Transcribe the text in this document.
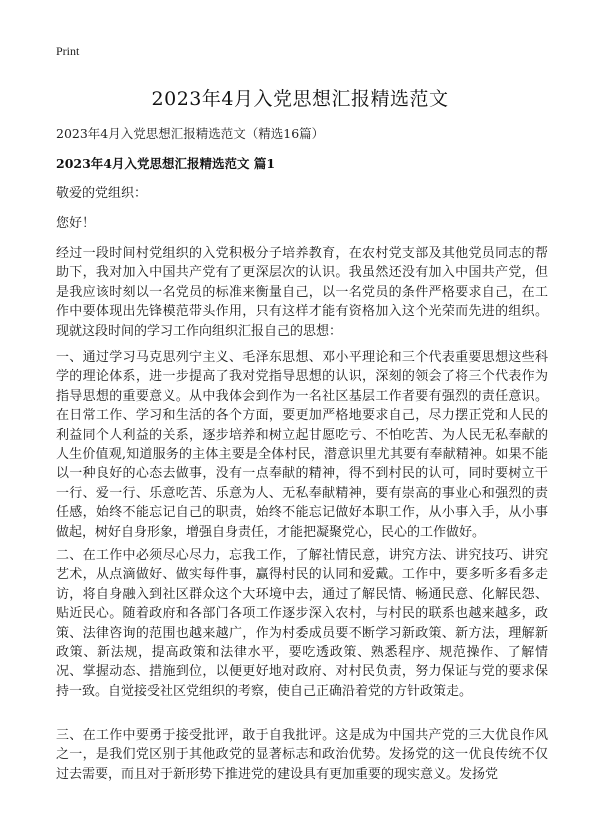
Print
2023年4月入党思想汇报精选范文
2023年4月入党思想汇报精选范文（精选16篇）
2023年4月入党思想汇报精选范文 篇1
敬爱的党组织：
您好！

经过一段时间村党组织的入党积极分子培养教育，在农村党支部及其他党员同志的帮助下，我对加入中国共产党有了更深层次的认识。我虽然还没有加入中国共产党，但是我应该时刻以一名党员的标准来衡量自己，以一名党员的条件严格要求自己，在工作中要体现出先锋模范带头作用，只有这样才能有资格加入这个光荣而先进的组织。现就这段时间的学习工作向组织汇报自己的思想：

一、通过学习马克思列宁主义、毛泽东思想、邓小平理论和三个代表重要思想这些科学的理论体系，进一步提高了我对党指导思想的认识，深刻的领会了将三个代表作为指导思想的重要意义。从中我体会到作为一名社区基层工作者要有强烈的责任意识。在日常工作、学习和生活的各个方面，要更加严格地要求自己，尽力摆正党和人民的利益同个人利益的关系，逐步培养和树立起甘愿吃亏、不怕吃苦、为人民无私奉献的人生价值观,知道服务的主体主要是全体村民，潜意识里尤其要有奉献精神。如果不能以一种良好的心态去做事，没有一点奉献的精神，得不到村民的认可，同时要树立干一行、爱一行、乐意吃苦、乐意为人、无私奉献精神，要有崇高的事业心和强烈的责任感，始终不能忘记自己的职责，始终不能忘记做好本职工作，从小事入手，从小事做起，树好自身形象，增强自身责任，才能把凝聚党心，民心的工作做好。

二、在工作中必须尽心尽力，忘我工作，了解社情民意，讲究方法、讲究技巧、讲究艺术，从点滴做好、做实每件事，赢得村民的认同和爱戴。工作中，要多听多看多走访，将自身融入到社区群众这个大环境中去，通过了解民情、畅通民意、化解民怨、贴近民心。随着政府和各部门各项工作逐步深入农村，与村民的联系也越来越多，政策、法律咨询的范围也越来越广，作为村委成员要不断学习新政策、新方法，理解新政策、新法规，提高政策和法律水平，要吃透政策、熟悉程序、规范操作、了解情况、掌握动态、措施到位，以便更好地对政府、对村民负责，努力保证与党的要求保持一致。自觉接受社区党组织的考察，使自己正确沿着党的方针政策走。

三、在工作中要勇于接受批评，敢于自我批评。这是成为中国共产党的三大优良作风之一，是我们党区别于其他政党的显著标志和政治优势。发扬党的这一优良传统不仅过去需要，而且对于新形势下推进党的建设具有更加重要的现实意义。发扬党
